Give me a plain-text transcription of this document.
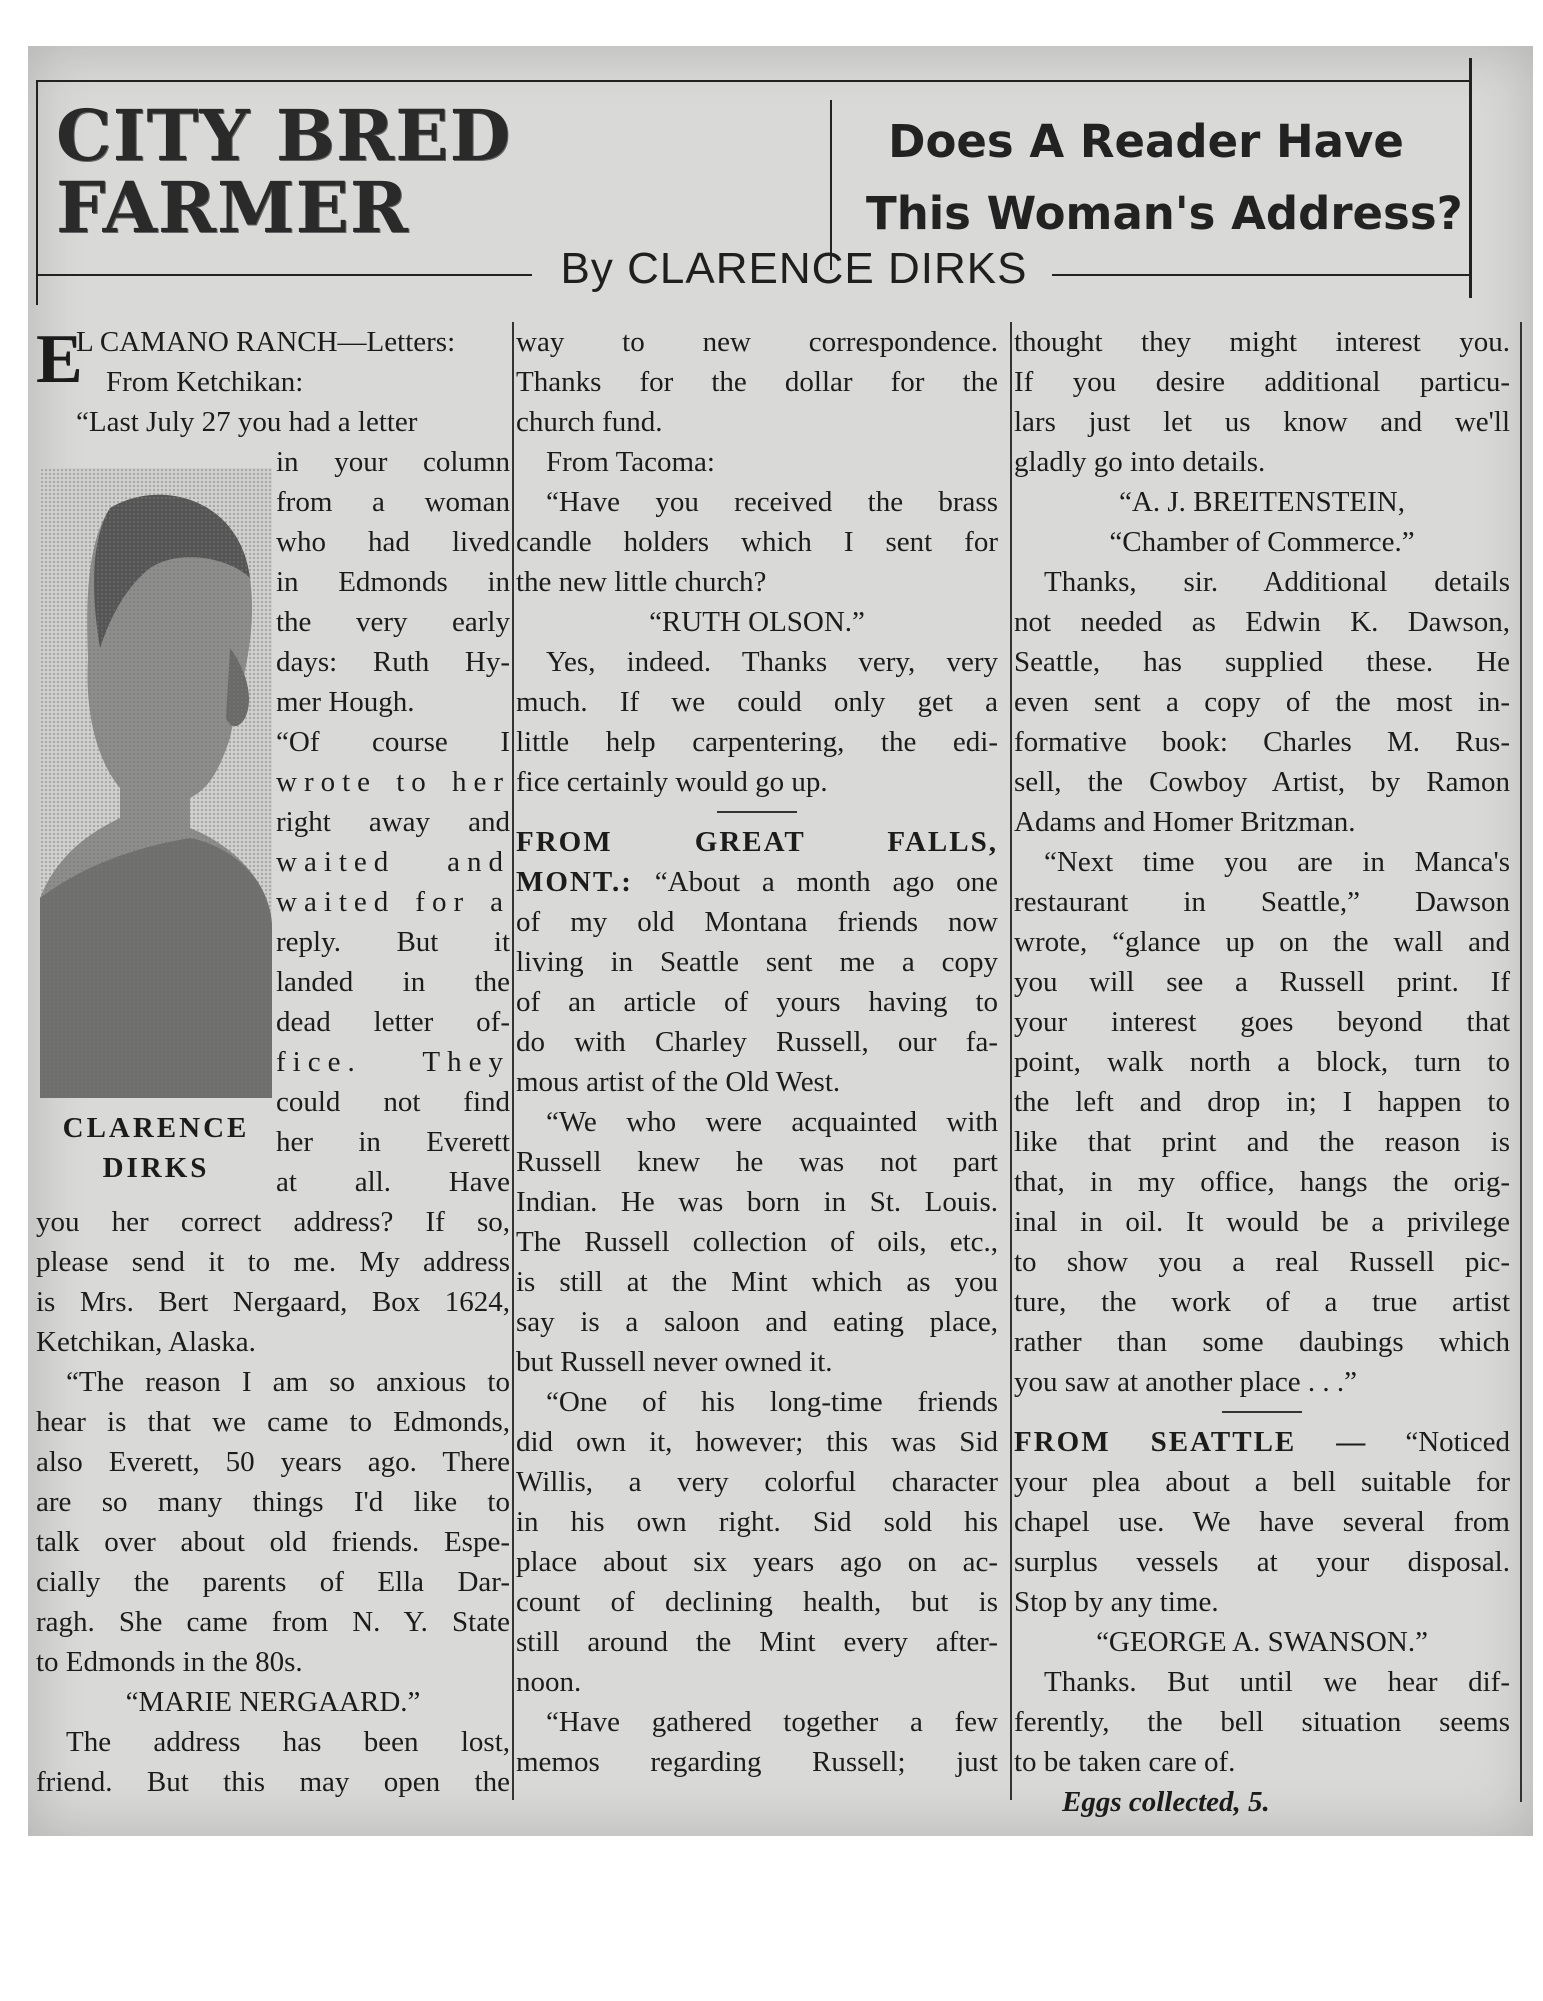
CITY BRED
FARMER
Does A Reader Have
This Woman's Address?
By CLARENCE DIRKS
E
L CAMANO RANCH—Letters:
From Ketchikan:
“Last July 27 you had a letter
in your column
from a woman
who had lived
in Edmonds in
the very early
days: Ruth Hy-
mer Hough.
“Of course I
wrote to her
right away and
waited and
waited for a
reply. But it
landed in the
dead letter of-
fice. They
could not find
her in Everett
at all. Have
you her correct address? If so,
please send it to me. My address
is Mrs. Bert Nergaard, Box 1624,
Ketchikan, Alaska.
“The reason I am so anxious to
hear is that we came to Edmonds,
also Everett, 50 years ago. There
are so many things I'd like to
talk over about old friends. Espe-
cially the parents of Ella Dar-
ragh. She came from N. Y. State
to Edmonds in the 80s.
“MARIE NERGAARD.”
The address has been lost,
friend. But this may open the
CLARENCE
DIRKS
way to new correspondence.
Thanks for the dollar for the
church fund.
From Tacoma:
“Have you received the brass
candle holders which I sent for
the new little church?
“RUTH OLSON.”
Yes, indeed. Thanks very, very
much. If we could only get a
little help carpentering, the edi-
fice certainly would go up.
FROM GREAT FALLS,
MONT.: “About a month ago one
of my old Montana friends now
living in Seattle sent me a copy
of an article of yours having to
do with Charley Russell, our fa-
mous artist of the Old West.
“We who were acquainted with
Russell knew he was not part
Indian. He was born in St. Louis.
The Russell collection of oils, etc.,
is still at the Mint which as you
say is a saloon and eating place,
but Russell never owned it.
“One of his long-time friends
did own it, however; this was Sid
Willis, a very colorful character
in his own right. Sid sold his
place about six years ago on ac-
count of declining health, but is
still around the Mint every after-
noon.
“Have gathered together a few
memos regarding Russell; just
thought they might interest you.
If you desire additional particu-
lars just let us know and we'll
gladly go into details.
“A. J. BREITENSTEIN,
“Chamber of Commerce.”
Thanks, sir. Additional details
not needed as Edwin K. Dawson,
Seattle, has supplied these. He
even sent a copy of the most in-
formative book: Charles M. Rus-
sell, the Cowboy Artist, by Ramon
Adams and Homer Britzman.
“Next time you are in Manca's
restaurant in Seattle,” Dawson
wrote, “glance up on the wall and
you will see a Russell print. If
your interest goes beyond that
point, walk north a block, turn to
the left and drop in; I happen to
like that print and the reason is
that, in my office, hangs the orig-
inal in oil. It would be a privilege
to show you a real Russell pic-
ture, the work of a true artist
rather than some daubings which
you saw at another place . . .”
FROM SEATTLE — “Noticed
your plea about a bell suitable for
chapel use. We have several from
surplus vessels at your disposal.
Stop by any time.
“GEORGE A. SWANSON.”
Thanks. But until we hear dif-
ferently, the bell situation seems
to be taken care of.
Eggs collected, 5.
